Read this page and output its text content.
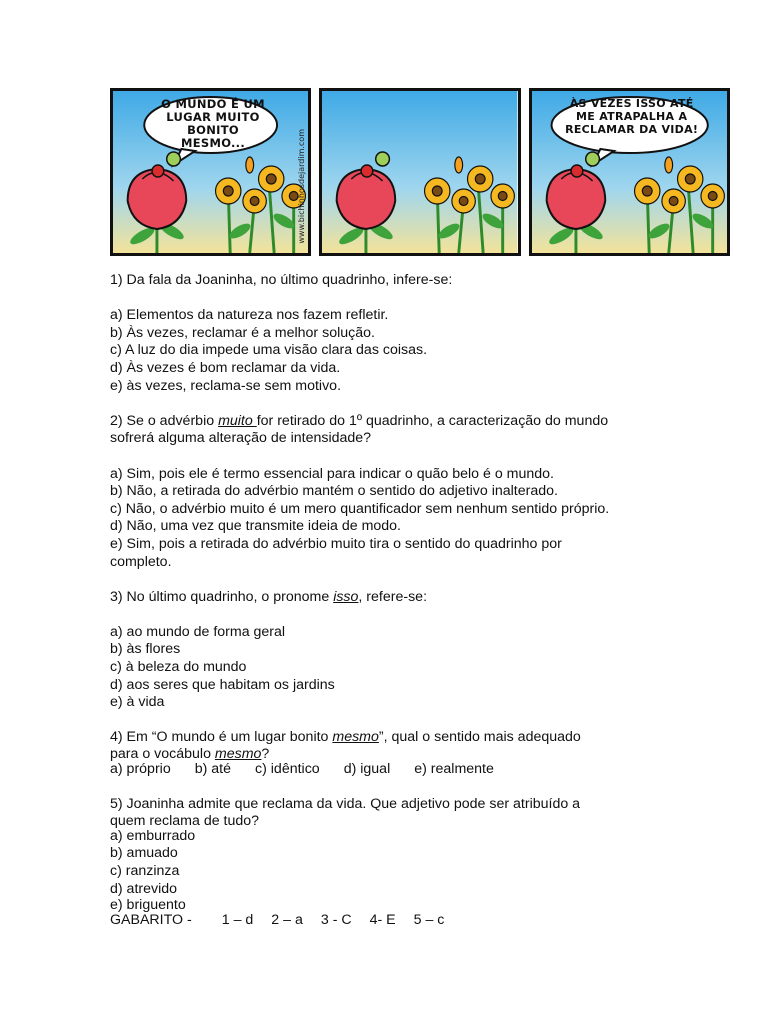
O MUNDO É UM
LUGAR MUITO
BONITO MESMO...	www.bichinhosdejardim.com
ÀS VEZES ISSO ATÉ
ME ATRAPALHA A
RECLAMAR DA VIDA!

1) Da fala da Joaninha, no último quadrinho, infere-se:

a) Elementos da natureza nos fazem refletir.

b) Às vezes, reclamar é a melhor solução.

c) A luz do dia impede uma visão clara das coisas.

d) Às vezes é bom reclamar da vida.

e) às vezes, reclama-se sem motivo.

2) Se o advérbio muito for retirado do 1º quadrinho, a caracterização do mundo

sofrerá alguma alteração de intensidade?

a) Sim, pois ele é termo essencial para indicar o quão belo é o mundo.

b) Não, a retirada do advérbio mantém o sentido do adjetivo inalterado.

c) Não, o advérbio muito é um mero quantificador sem nenhum sentido próprio.

d) Não, uma vez que transmite ideia de modo.

e) Sim, pois a retirada do advérbio muito tira o sentido do quadrinho por

completo.

3) No último quadrinho, o pronome isso, refere-se:

a) ao mundo de forma geral

b) às flores

c) à beleza do mundo

d) aos seres que habitam os jardins

e) à vida

4) Em “O mundo é um lugar bonito mesmo”, qual o sentido mais adequado

para o vocábulo mesmo?

a) próprio b) até c) idêntico d) igual e) realmente

5) Joaninha admite que reclama da vida. Que adjetivo pode ser atribuído a

quem reclama de tudo?

a) emburrado

b) amuado

c) ranzinza

d) atrevido

e) briguento

GABARITO - 1 – d 2 – a 3 - C 4- E 5 – c
